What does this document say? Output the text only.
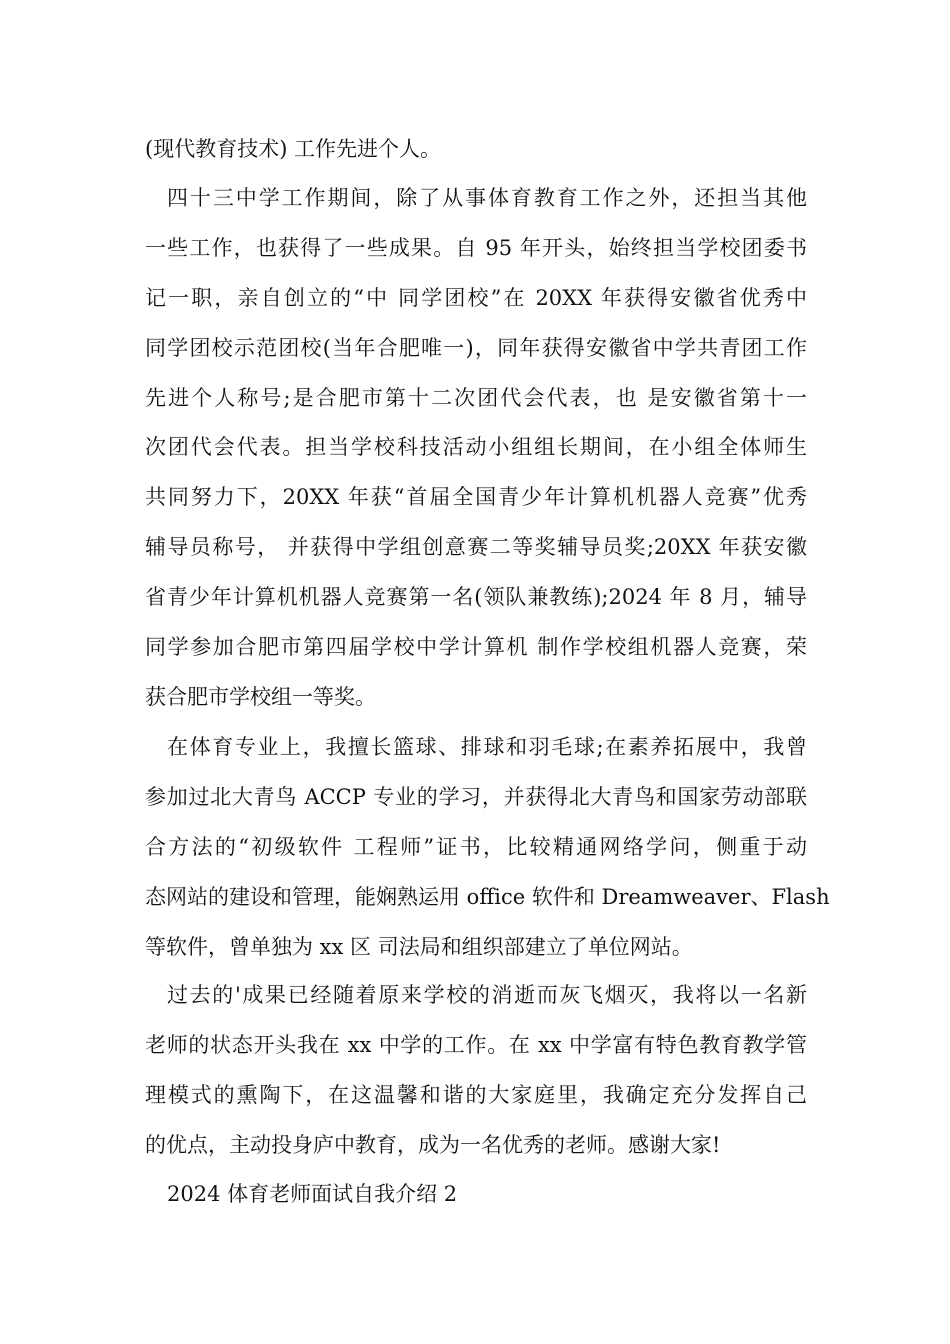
(现代教育技术) 工作先进个人。
四十三中学工作期间，除了从事体育教育工作之外，还担当其他
一些工作，也获得了一些成果。自 95 年开头，始终担当学校团委书
记一职，亲自创立的“中 同学团校”在 20XX 年获得安徽省优秀中
同学团校示范团校(当年合肥唯一)，同年获得安徽省中学共青团工作
先进个人称号;是合肥市第十二次团代会代表，也 是安徽省第十一
次团代会代表。担当学校科技活动小组组长期间，在小组全体师生
共同努力下，20XX 年获“首届全国青少年计算机机器人竞赛”优秀
辅导员称号， 并获得中学组创意赛二等奖辅导员奖;20XX 年获安徽
省青少年计算机机器人竞赛第一名(领队兼教练);2024 年 8 月，辅导
同学参加合肥市第四届学校中学计算机 制作学校组机器人竞赛，荣
获合肥市学校组一等奖。
在体育专业上，我擅长篮球、排球和羽毛球;在素养拓展中，我曾
参加过北大青鸟 ACCP 专业的学习，并获得北大青鸟和国家劳动部联
合方法的“初级软件 工程师”证书，比较精通网络学问，侧重于动
态网站的建设和管理，能娴熟运用 office 软件和 Dreamweaver、Flash
等软件，曾单独为 xx 区 司法局和组织部建立了单位网站。
过去的'成果已经随着原来学校的消逝而灰飞烟灭，我将以一名新
老师的状态开头我在 xx 中学的工作。在 xx 中学富有特色教育教学管
理模式的熏陶下，在这温馨和谐的大家庭里，我确定充分发挥自己
的优点，主动投身庐中教育，成为一名优秀的老师。感谢大家!
2024 体育老师面试自我介绍 2
